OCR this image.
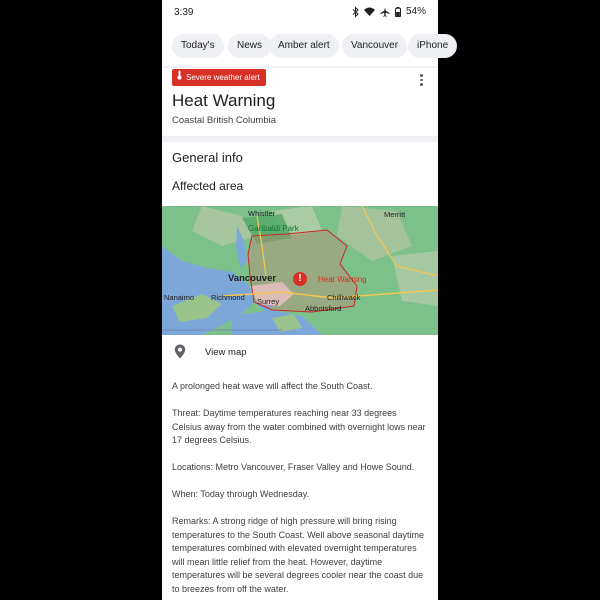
3:39	54%
Today's	News	Amber alert	Vancouver	iPhone
Severe weather alert
Heat Warning
Coastal British Columbia
General info
Affected area
Whistler
Garibaldi Park
Merritt
Vancouver	Heat Warning
Nanaimo Richmond Surrey	Chilliwack
Abbotsford
!
View map
A prolonged heat wave will affect the South Coast.
Threat: Daytime temperatures reaching near 33 degrees Celsius away from the water combined with overnight lows near 17 degrees Celsius.
Locations: Metro Vancouver, Fraser Valley and Howe Sound.
When: Today through Wednesday.
Remarks: A strong ridge of high pressure will bring rising temperatures to the South Coast. Well above seasonal daytime temperatures combined with elevated overnight temperatures will mean little relief from the heat. However, daytime temperatures will be several degrees cooler near the coast due to breezes from off the water.
